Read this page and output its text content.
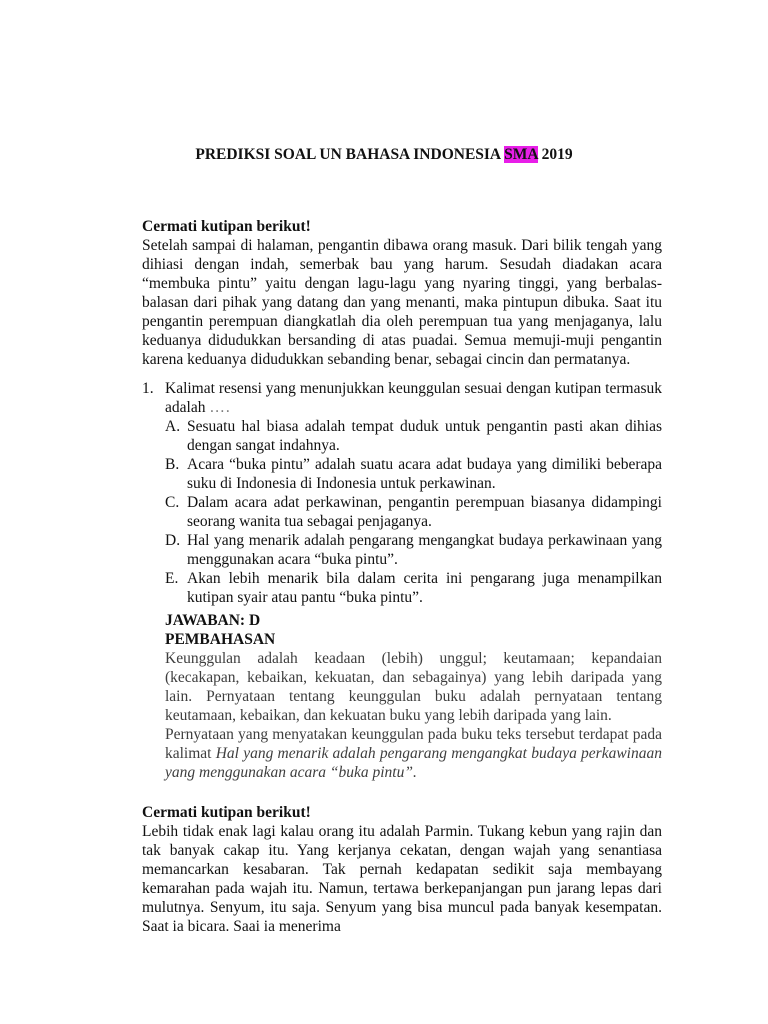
PREDIKSI SOAL UN BAHASA INDONESIA SMA 2019
Cermati kutipan berikut!
Setelah sampai di halaman, pengantin dibawa orang masuk. Dari bilik tengah yang dihiasi dengan indah, semerbak bau yang harum. Sesudah diadakan acara “membuka pintu” yaitu dengan lagu-lagu yang nyaring tinggi, yang berbalas-balasan dari pihak yang datang dan yang menanti, maka pintupun dibuka. Saat itu pengantin perempuan diangkatlah dia oleh perempuan tua yang menjaganya, lalu keduanya didudukkan bersanding di atas puadai. Semua memuji-muji pengantin karena keduanya didudukkan sebanding benar, sebagai cincin dan permatanya.
1. Kalimat resensi yang menunjukkan keunggulan sesuai dengan kutipan termasuk adalah ….
A. Sesuatu hal biasa adalah tempat duduk untuk pengantin pasti akan dihias dengan sangat indahnya.
B. Acara “buka pintu” adalah suatu acara adat budaya yang dimiliki beberapa suku di Indonesia di Indonesia untuk perkawinan.
C. Dalam acara adat perkawinan, pengantin perempuan biasanya didampingi seorang wanita tua sebagai penjaganya.
D. Hal yang menarik adalah pengarang mengangkat budaya perkawinaan yang menggunakan acara “buka pintu”.
E. Akan lebih menarik bila dalam cerita ini pengarang juga menampilkan kutipan syair atau pantu “buka pintu”.
JAWABAN: D
PEMBAHASAN
Keunggulan adalah keadaan (lebih) unggul; keutamaan; kepandaian (kecakapan, kebaikan, kekuatan, dan sebagainya) yang lebih daripada yang lain. Pernyataan tentang keunggulan buku adalah pernyataan tentang keutamaan, kebaikan, dan kekuatan buku yang lebih daripada yang lain.
Pernyataan yang menyatakan keunggulan pada buku teks tersebut terdapat pada kalimat Hal yang menarik adalah pengarang mengangkat budaya perkawinaan yang menggunakan acara “buka pintu”.
Cermati kutipan berikut!
Lebih tidak enak lagi kalau orang itu adalah Parmin. Tukang kebun yang rajin dan tak banyak cakap itu. Yang kerjanya cekatan, dengan wajah yang senantiasa memancarkan kesabaran. Tak pernah kedapatan sedikit saja membayang kemarahan pada wajah itu. Namun, tertawa berkepanjangan pun jarang lepas dari mulutnya. Senyum, itu saja. Senyum yang bisa muncul pada banyak kesempatan. Saat ia bicara. Saai ia menerima
